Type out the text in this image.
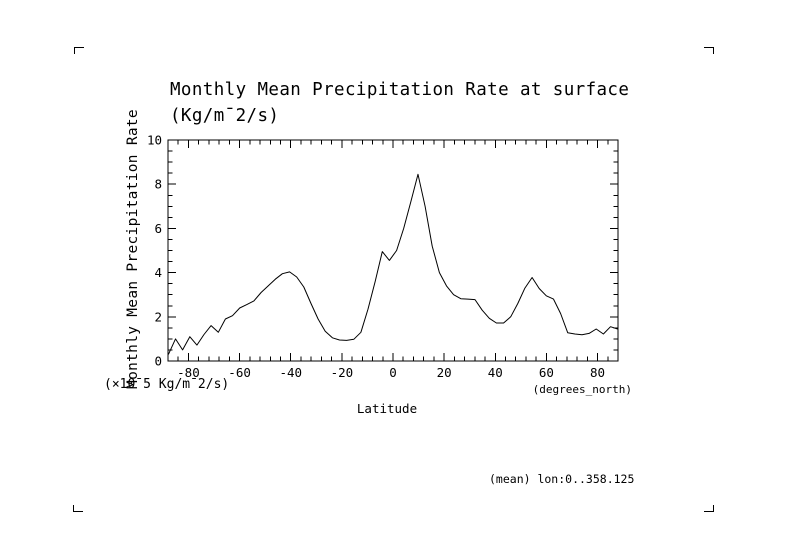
Monthly Mean Precipitation Rate at surface
(Kg/m¯2/s)
Monthly Mean Precipitation Rate	-80 -60 -40 -20	0	20	40	60	80
0
2
4
6
8
10
(×10¯5 Kg/m¯2/s)	(degrees_north)
Latitude
(mean) lon:0..358.125
